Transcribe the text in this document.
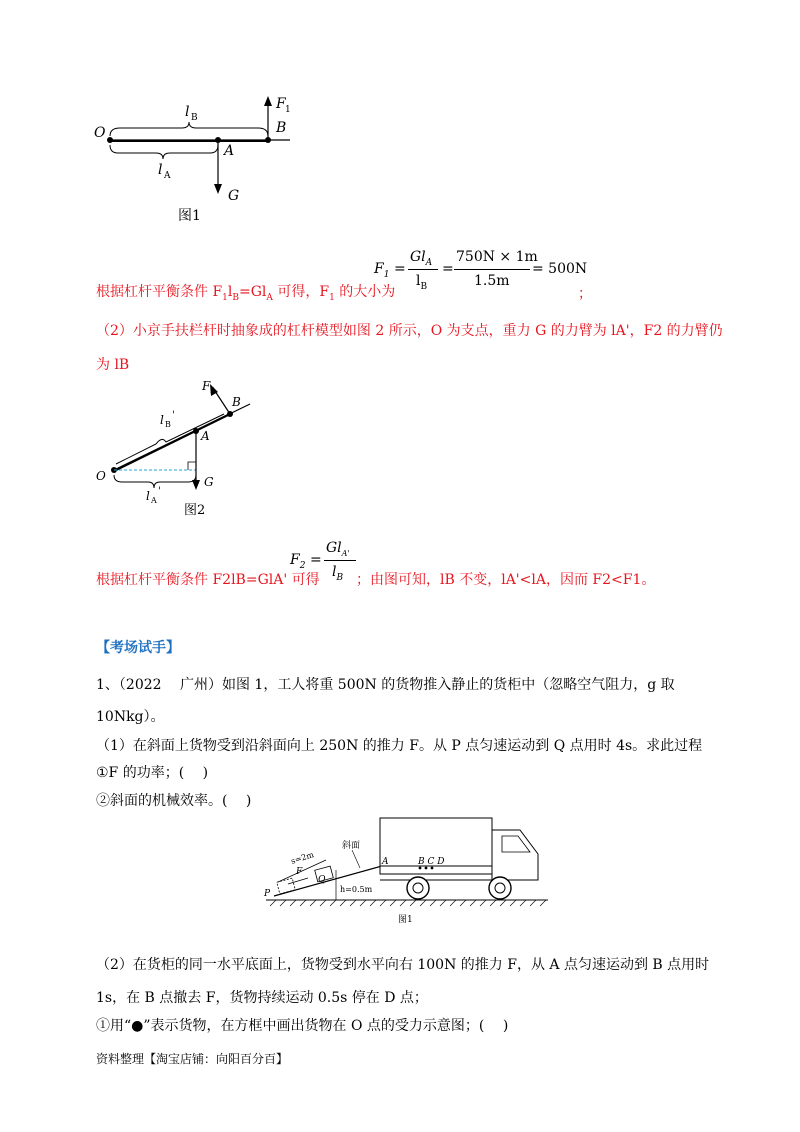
O
l B
F 1
B
A
l A
G
图1
$F_1$ =
$Gl_A$
$l_B$
=
750N × 1m
1.5m
= 500N
根据杠杆平衡条件 $F_1l_B=Gl_A$ 可得，$F_1$ 的大小为	；
（2）小京手扶栏杆时抽象成的杠杆模型如图 2 所示，O 为支点，重力 G 的力臂为 lA'，F2 的力臂仍
为 lB
F 2
B
l B
'
A
O	G
l A
'
图2
$F_2$ =
$Gl_{A'}$
$l_B$
根据杠杆平衡条件 F2lB=GlA' 可得	；由图可知，lB 不变，lA'<lA，因而 F2<F1。
【考场试手】
1、（2022　 广州）如图 1，工人将重 500N 的货物推入静止的货柜中（忽略空气阻力，g 取
10Nkg）。
（1）在斜面上货物受到沿斜面向上 250N 的推力 F。从 P 点匀速运动到 Q 点用时 4s。求此过程
①F 的功率；(　 )
②斜面的机械效率。(　 )
s=2m
F
P
Q
h=0.5m
斜面
A	B C D
图1
（2）在货柜的同一水平底面上，货物受到水平向右 100N 的推力 F，从 A 点匀速运动到 B 点用时
1s，在 B 点撤去 F，货物持续运动 0.5s 停在 D 点；
①用“●”表示货物，在方框中画出货物在 O 点的受力示意图；(　 )
资料整理【淘宝店铺：向阳百分百】
